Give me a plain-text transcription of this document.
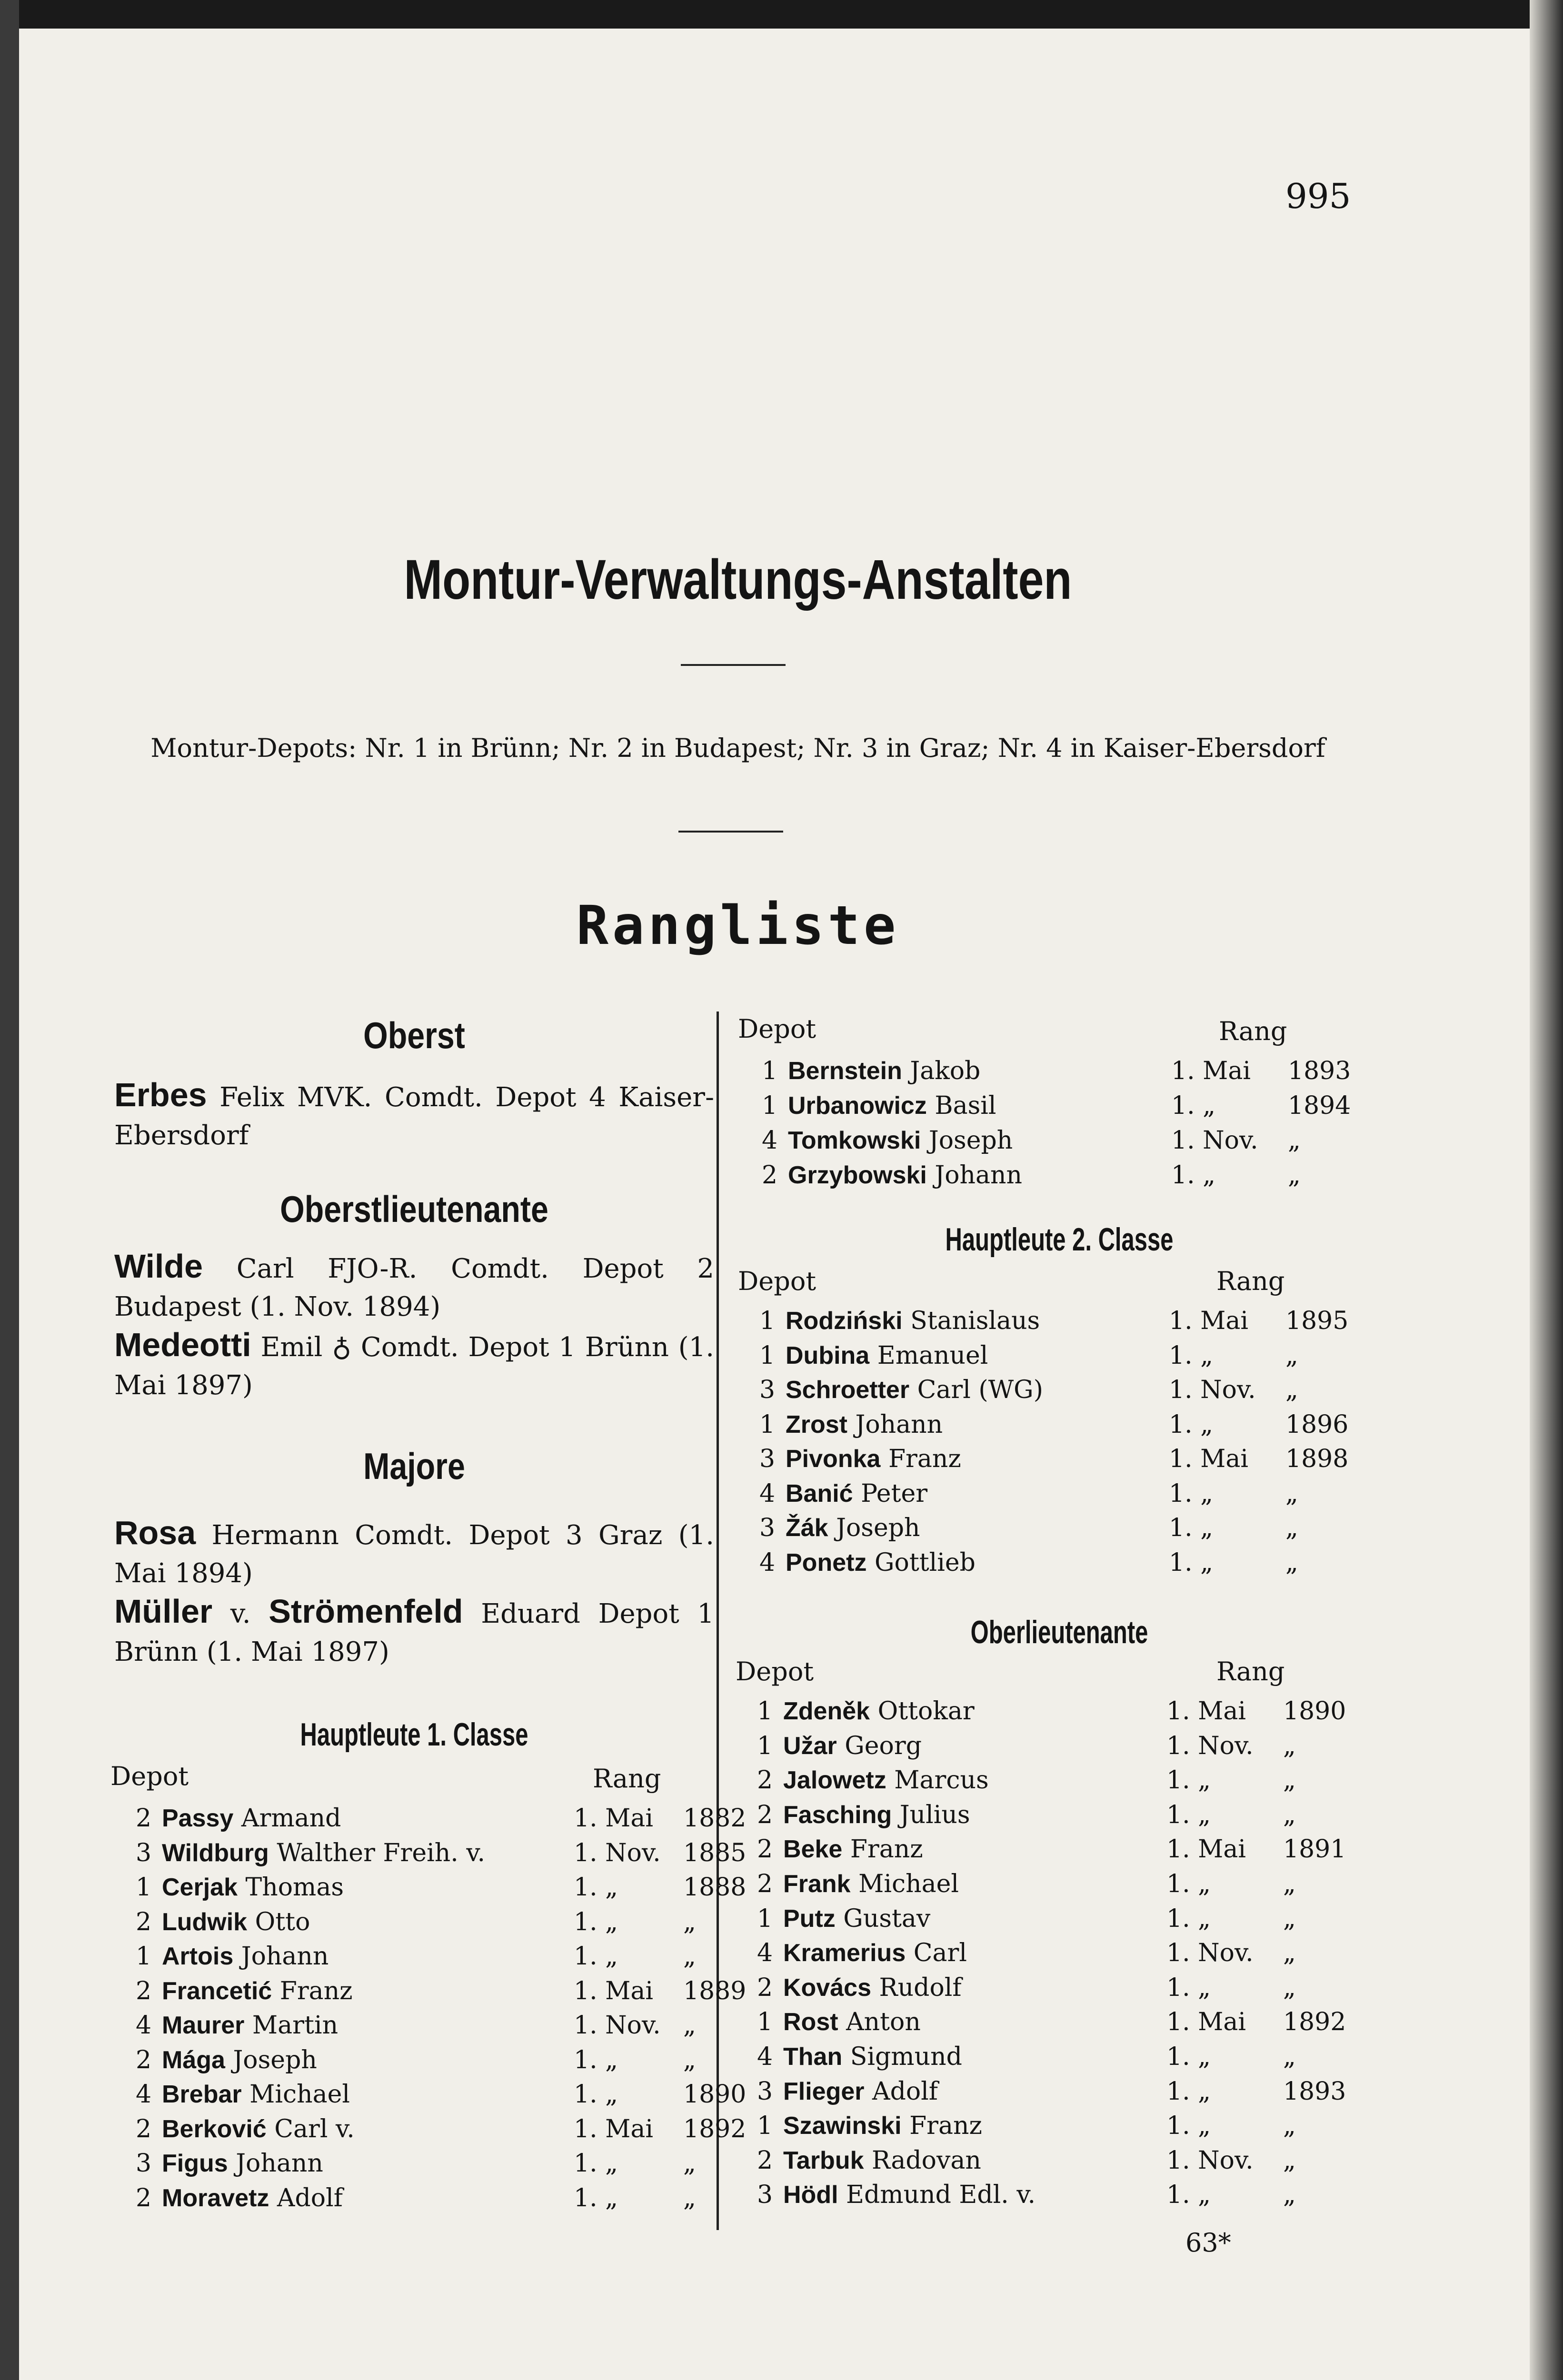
995
Montur-Verwaltungs-Anstalten
Montur-Depots: Nr. 1 in Brünn; Nr. 2 in Budapest; Nr. 3 in Graz; Nr. 4 in Kaiser-Ebersdorf
Rangliste
Oberst
Erbes Felix MVK. Comdt. Depot 4 Kaiser-Ebersdorf
Oberstlieutenante
Wilde Carl FJO-R. Comdt. Depot 2 Budapest (1. Nov. 1894)
Medeotti Emil ♁ Comdt. Depot 1 Brünn (1. Mai 1897)
Majore
Rosa Hermann Comdt. Depot 3 Graz (1. Mai 1894)
Müller v. Strömenfeld Eduard Depot 1 Brünn (1. Mai 1897)
Hauptleute 1. Classe
Depot	Rang
2 Passy Armand	1. Mai 1882
3 Wildburg Walther Freih. v.	1. Nov. 1885
1 Cerjak Thomas	1. „	1888
2 Ludwik Otto	1. „	„
1 Artois Johann	1. „	„
2 Francetić Franz	1. Mai 1889
4 Maurer Martin	1. Nov. „
2 Mága Joseph	1. „	„
4 Brebar Michael	1. „	1890
2 Berković Carl v.	1. Mai 1892
3 Figus Johann	1. „	„
2 Moravetz Adolf	1. „	„
Depot	Rang
1 Bernstein Jakob	1. Mai 1893
1 Urbanowicz Basil	1. „	1894
4 Tomkowski Joseph	1. Nov. „
2 Grzybowski Johann	1. „	„
Hauptleute 2. Classe
Depot	Rang
1 Rodziński Stanislaus	1. Mai 1895
1 Dubina Emanuel	1. „	„
3 Schroetter Carl (WG)	1. Nov. „
1 Zrost Johann	1. „	1896
3 Pivonka Franz	1. Mai 1898
4 Banić Peter	1. „	„
3 Žák Joseph	1. „	„
4 Ponetz Gottlieb	1. „	„
Oberlieutenante
Depot	Rang
1 Zdeněk Ottokar	1. Mai 1890
1 Užar Georg	1. Nov. „
2 Jalowetz Marcus	1. „	„
2 Fasching Julius	1. „	„
2 Beke Franz	1. Mai 1891
2 Frank Michael	1. „	„
1 Putz Gustav	1. „	„
4 Kramerius Carl	1. Nov. „
2 Kovács Rudolf	1. „	„
1 Rost Anton	1. Mai 1892
4 Than Sigmund	1. „	„
3 Flieger Adolf	1. „	1893
1 Szawinski Franz	1. „	„
2 Tarbuk Radovan	1. Nov. „
3 Hödl Edmund Edl. v.	1. „	„
63*
